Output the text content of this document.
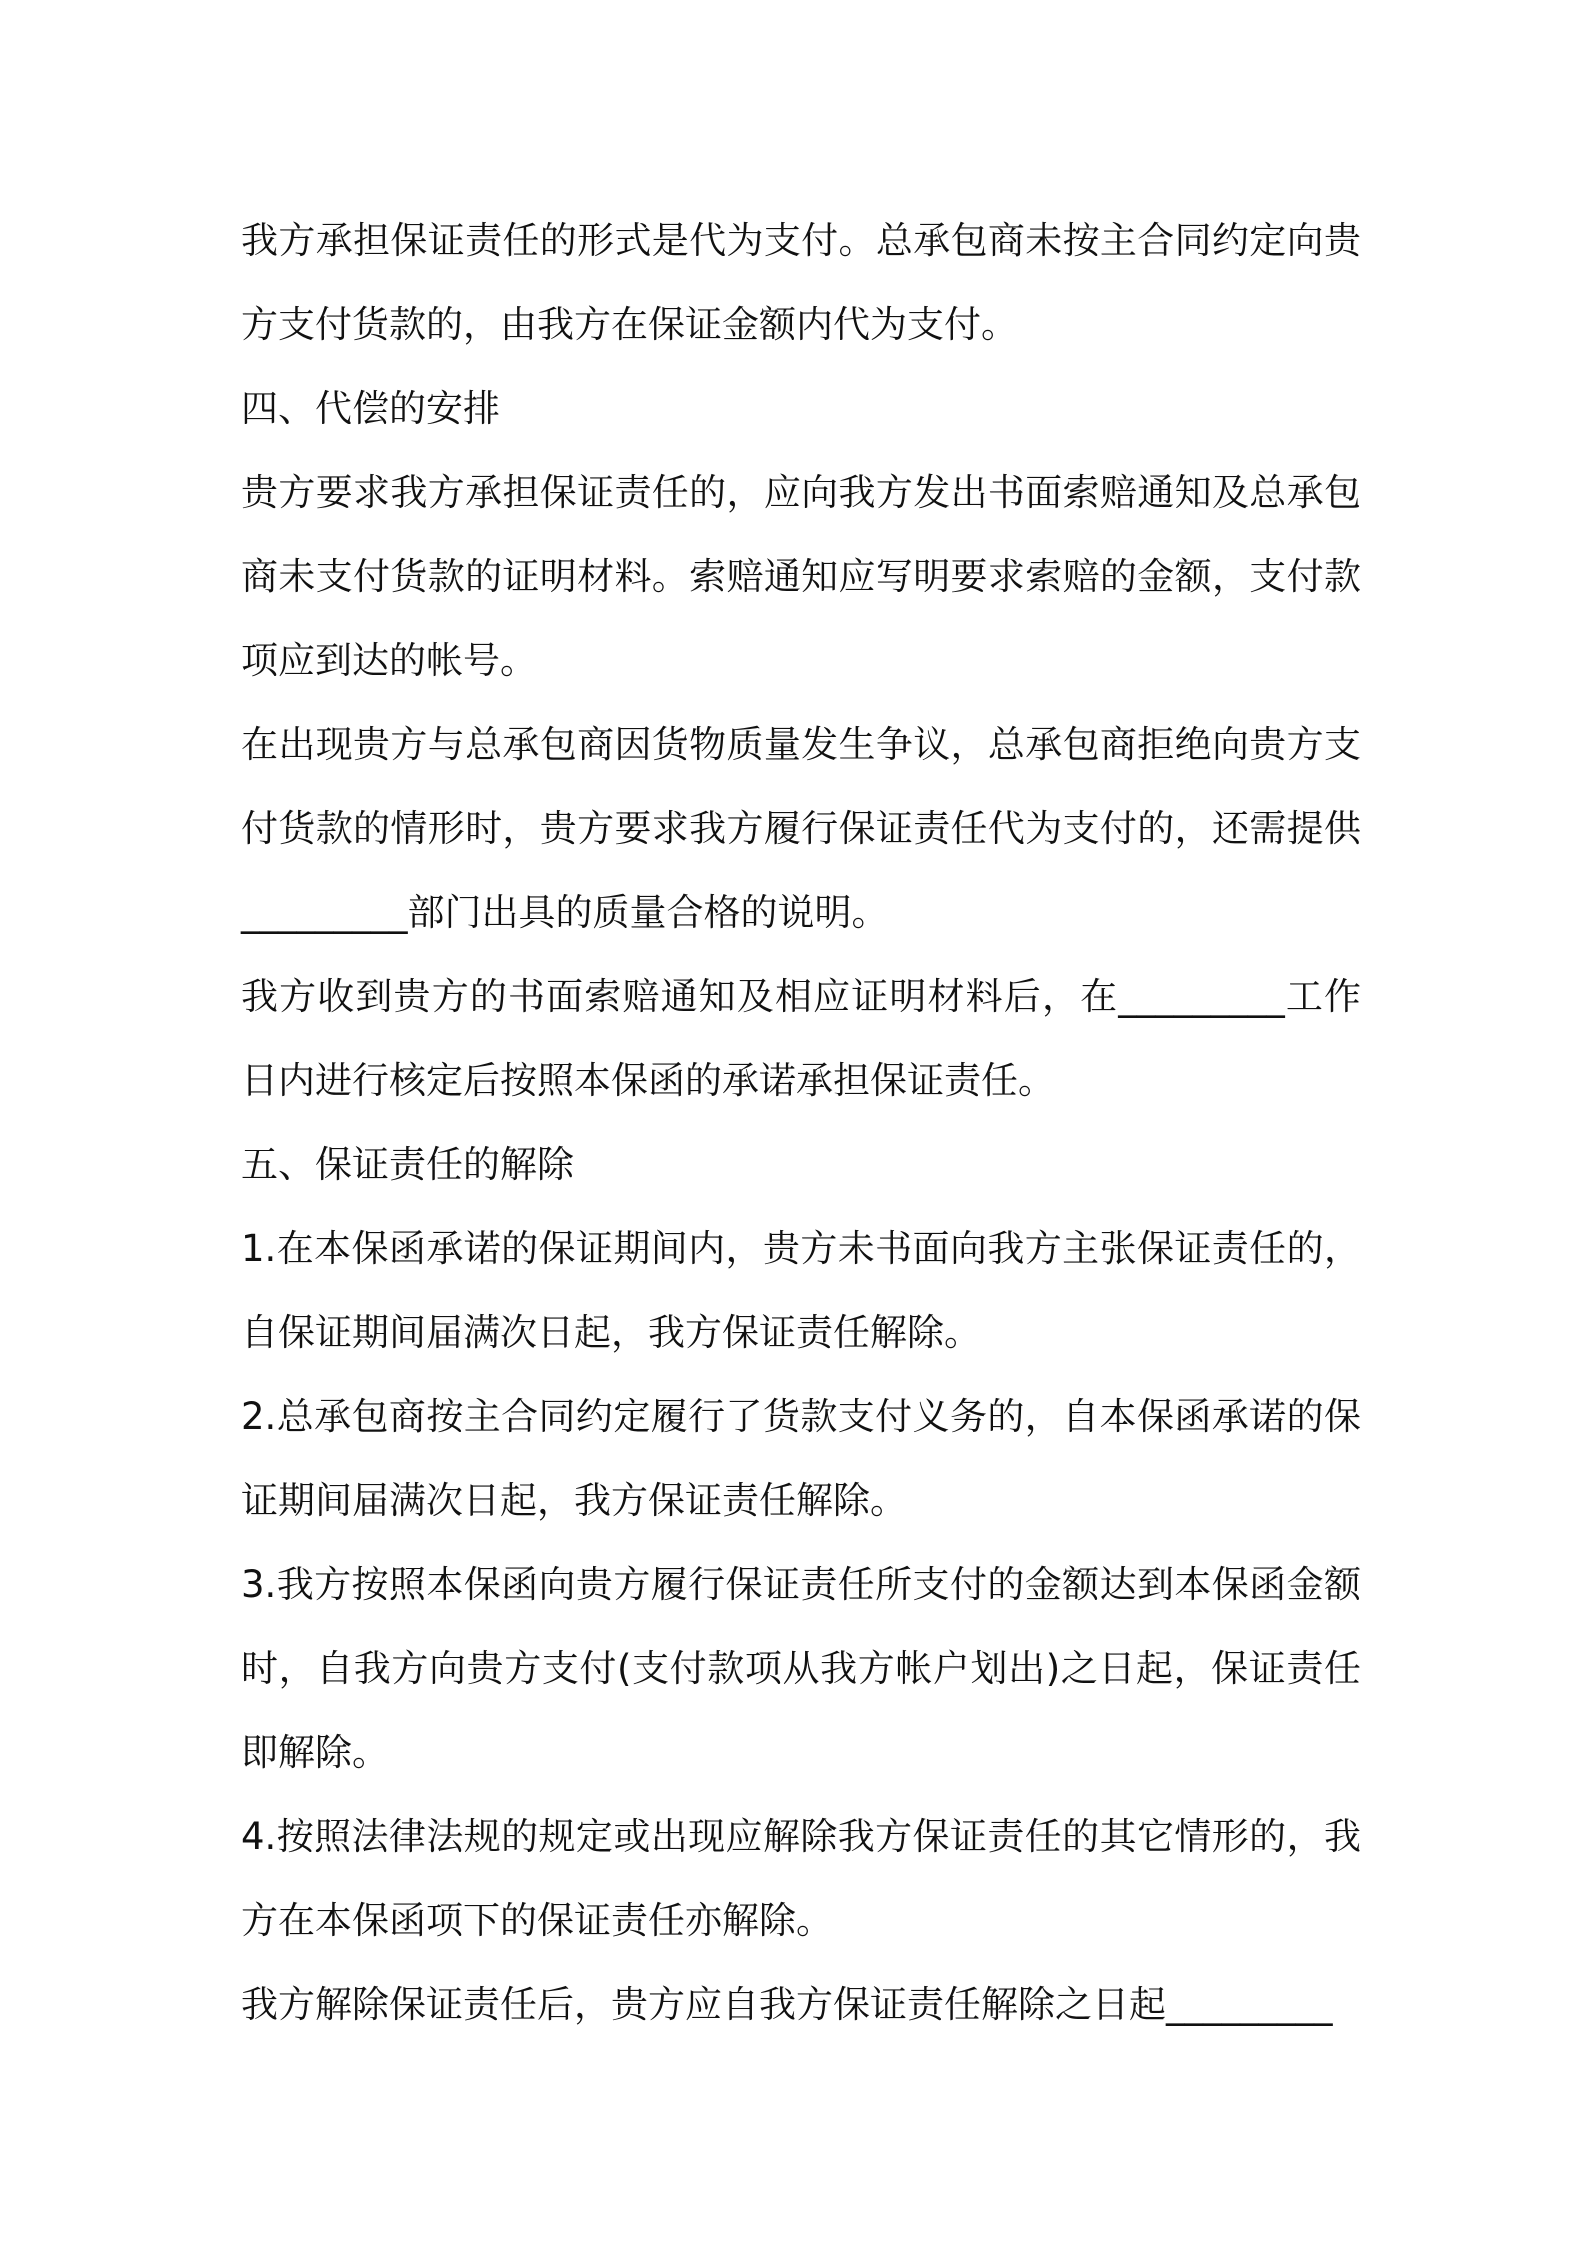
我方承担保证责任的形式是代为支付。总承包商未按主合同约定向贵方支付货款的，由我方在保证金额内代为支付。

四、代偿的安排

贵方要求我方承担保证责任的，应向我方发出书面索赔通知及总承包商未支付货款的证明材料。索赔通知应写明要求索赔的金额，支付款项应到达的帐号。

在出现贵方与总承包商因货物质量发生争议，总承包商拒绝向贵方支付货款的情形时，贵方要求我方履行保证责任代为支付的，还需提供_________部门出具的质量合格的说明。

我方收到贵方的书面索赔通知及相应证明材料后，在_________工作日内进行核定后按照本保函的承诺承担保证责任。

五、保证责任的解除

1.在本保函承诺的保证期间内，贵方未书面向我方主张保证责任的，自保证期间届满次日起，我方保证责任解除。

2.总承包商按主合同约定履行了货款支付义务的，自本保函承诺的保证期间届满次日起，我方保证责任解除。

3.我方按照本保函向贵方履行保证责任所支付的金额达到本保函金额时，自我方向贵方支付(支付款项从我方帐户划出)之日起，保证责任即解除。

4.按照法律法规的规定或出现应解除我方保证责任的其它情形的，我方在本保函项下的保证责任亦解除。

我方解除保证责任后，贵方应自我方保证责任解除之日起_________
